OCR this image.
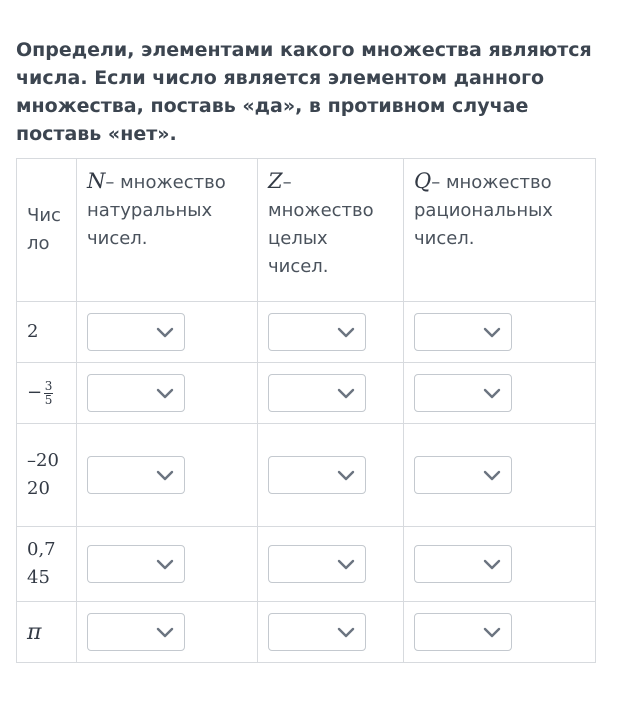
Определи, элементами какого множества являются числа. Если число является элементом данного множества, поставь «да», в противном случае поставь «нет».
Число	N– множество натуральных чисел.	Z– множество целых чисел.	Q– множество рациональных чисел.
2	

− $\frac{3}{5}$

–2020

0,745

π	
